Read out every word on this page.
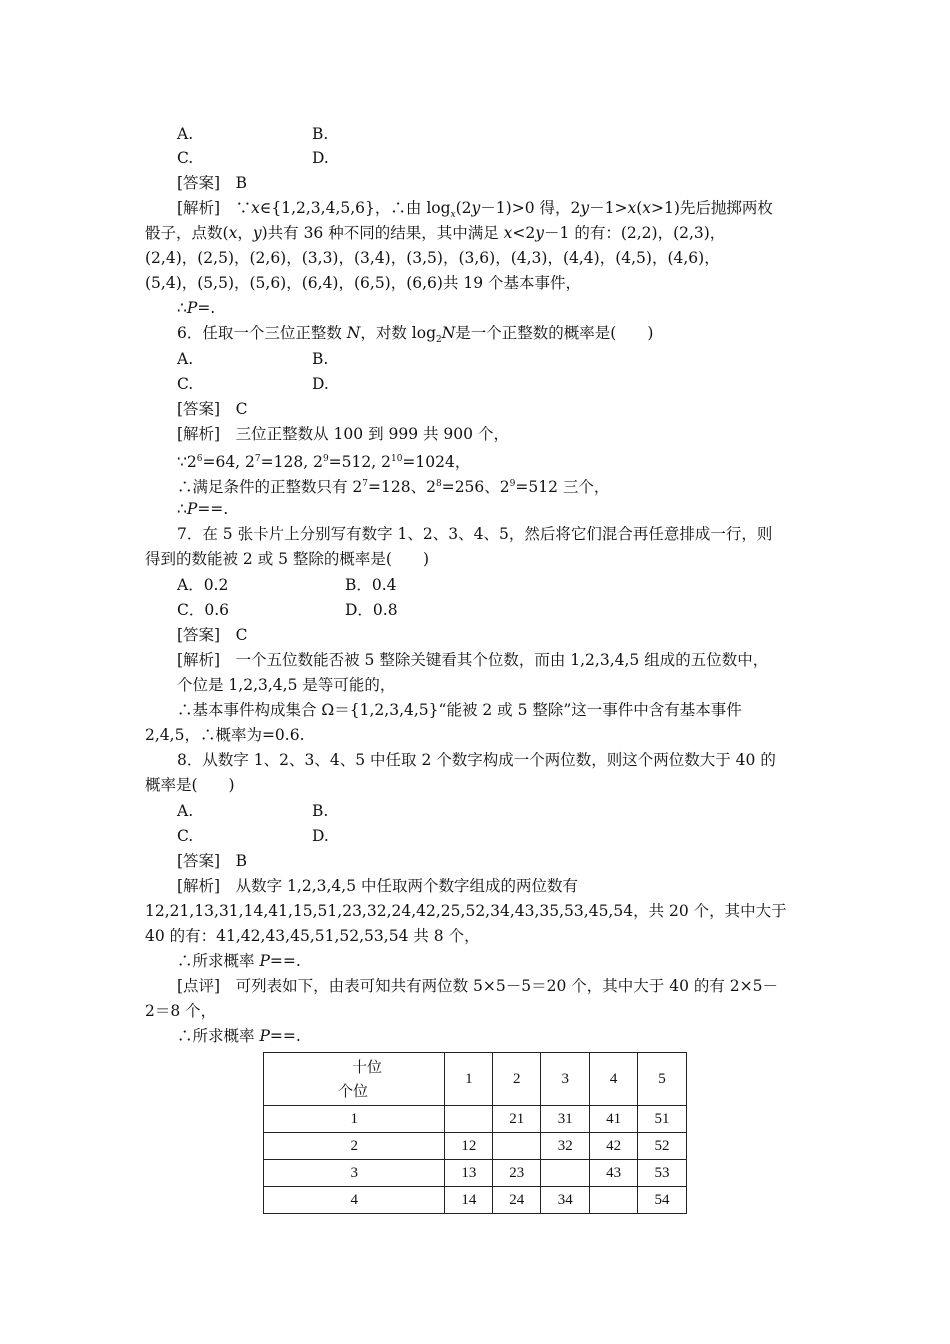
A.	B.
C.	D.
[答案]　 B
[解析]　 ∵x∈{1,2,3,4,5,6}，∴由 $\log_x(2y-1)>0$ 得，2y－1>x(x>1)先后抛掷两枚
骰子，点数(x，y)共有 36 种不同的结果，其中满足 x<2y－1 的有：(2,2)，(2,3)，
(2,4)，(2,5)，(2,6)，(3,3)，(3,4)，(3,5)，(3,6)，(4,3)，(4,4)，(4,5)，(4,6)，
(5,4)，(5,5)，(5,6)，(6,4)，(6,5)，(6,6)共 19 个基本事件，
∴P=.
6．任取一个三位正整数 N，对数 $\log_2N$是一个正整数的概率是(　　)
A.	B.
C.	D.
[答案]　 C
[解析]　 三位正整数从 100 到 999 共 900 个，
$\because 2^6=64$, $2^7=128$, $2^9=512$, $2^{10}=1024$，
∴满足条件的正整数只有 $2^7=128$、$2^8=256$、$2^9=512$ 三个，
∴P==.
7．在 5 张卡片上分别写有数字 1、2、3、4、5，然后将它们混合再任意排成一行，则
得到的数能被 2 或 5 整除的概率是(　　)
A．0.2	B．0.4
C．0.6	D．0.8
[答案]　 C
[解析]　 一个五位数能否被 5 整除关键看其个位数，而由 1,2,3,4,5 组成的五位数中，
个位是 1,2,3,4,5 是等可能的，
∴基本事件构成集合 Ω＝{1,2,3,4,5}“能被 2 或 5 整除”这一事件中含有基本事件
2,4,5，∴概率为=0.6.
8．从数字 1、2、3、4、5 中任取 2 个数字构成一个两位数，则这个两位数大于 40 的
概率是(　　)
A.	B.
C.	D.
[答案]　 B
[解析]　 从数字 1,2,3,4,5 中任取两个数字组成的两位数有
12,21,13,31,14,41,15,51,23,32,24,42,25,52,34,43,35,53,45,54，共 20 个，其中大于
40 的有：41,42,43,45,51,52,53,54 共 8 个，
∴所求概率 P==.
[点评]　 可列表如下，由表可知共有两位数 5×5－5＝20 个，其中大于 40 的有 2×5－
2＝8 个，
∴所求概率 P==.
十位
个位	1	2	3	4	5
1		21	31	41	51
2	12		32	42	52
3	13	23		43	53
4	14	24	34		54
